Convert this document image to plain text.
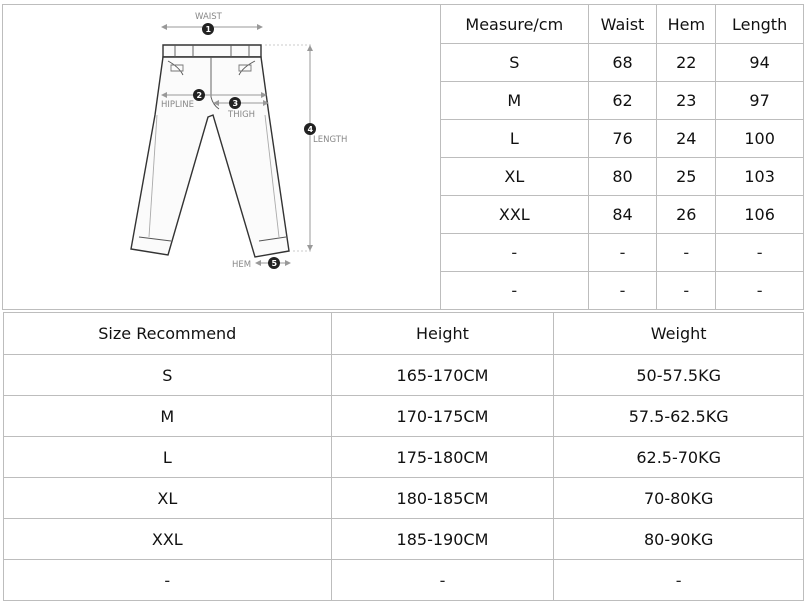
WAIST
1
2
HIPLINE	3
THIGH
4
LENGTH
5
HEM
Measure/cm	Waist	Hem	Length
S	68	22	94
M	62	23	97
L	76	24	100
XL	80	25	103
XXL	84	26	106
-	-	-	-
-	-	-	-
Size Recommend	Height	Weight
S	165-170CM	50-57.5KG
M	170-175CM	57.5-62.5KG
L	175-180CM	62.5-70KG
XL	180-185CM	70-80KG
XXL	185-190CM	80-90KG
-	-	-
